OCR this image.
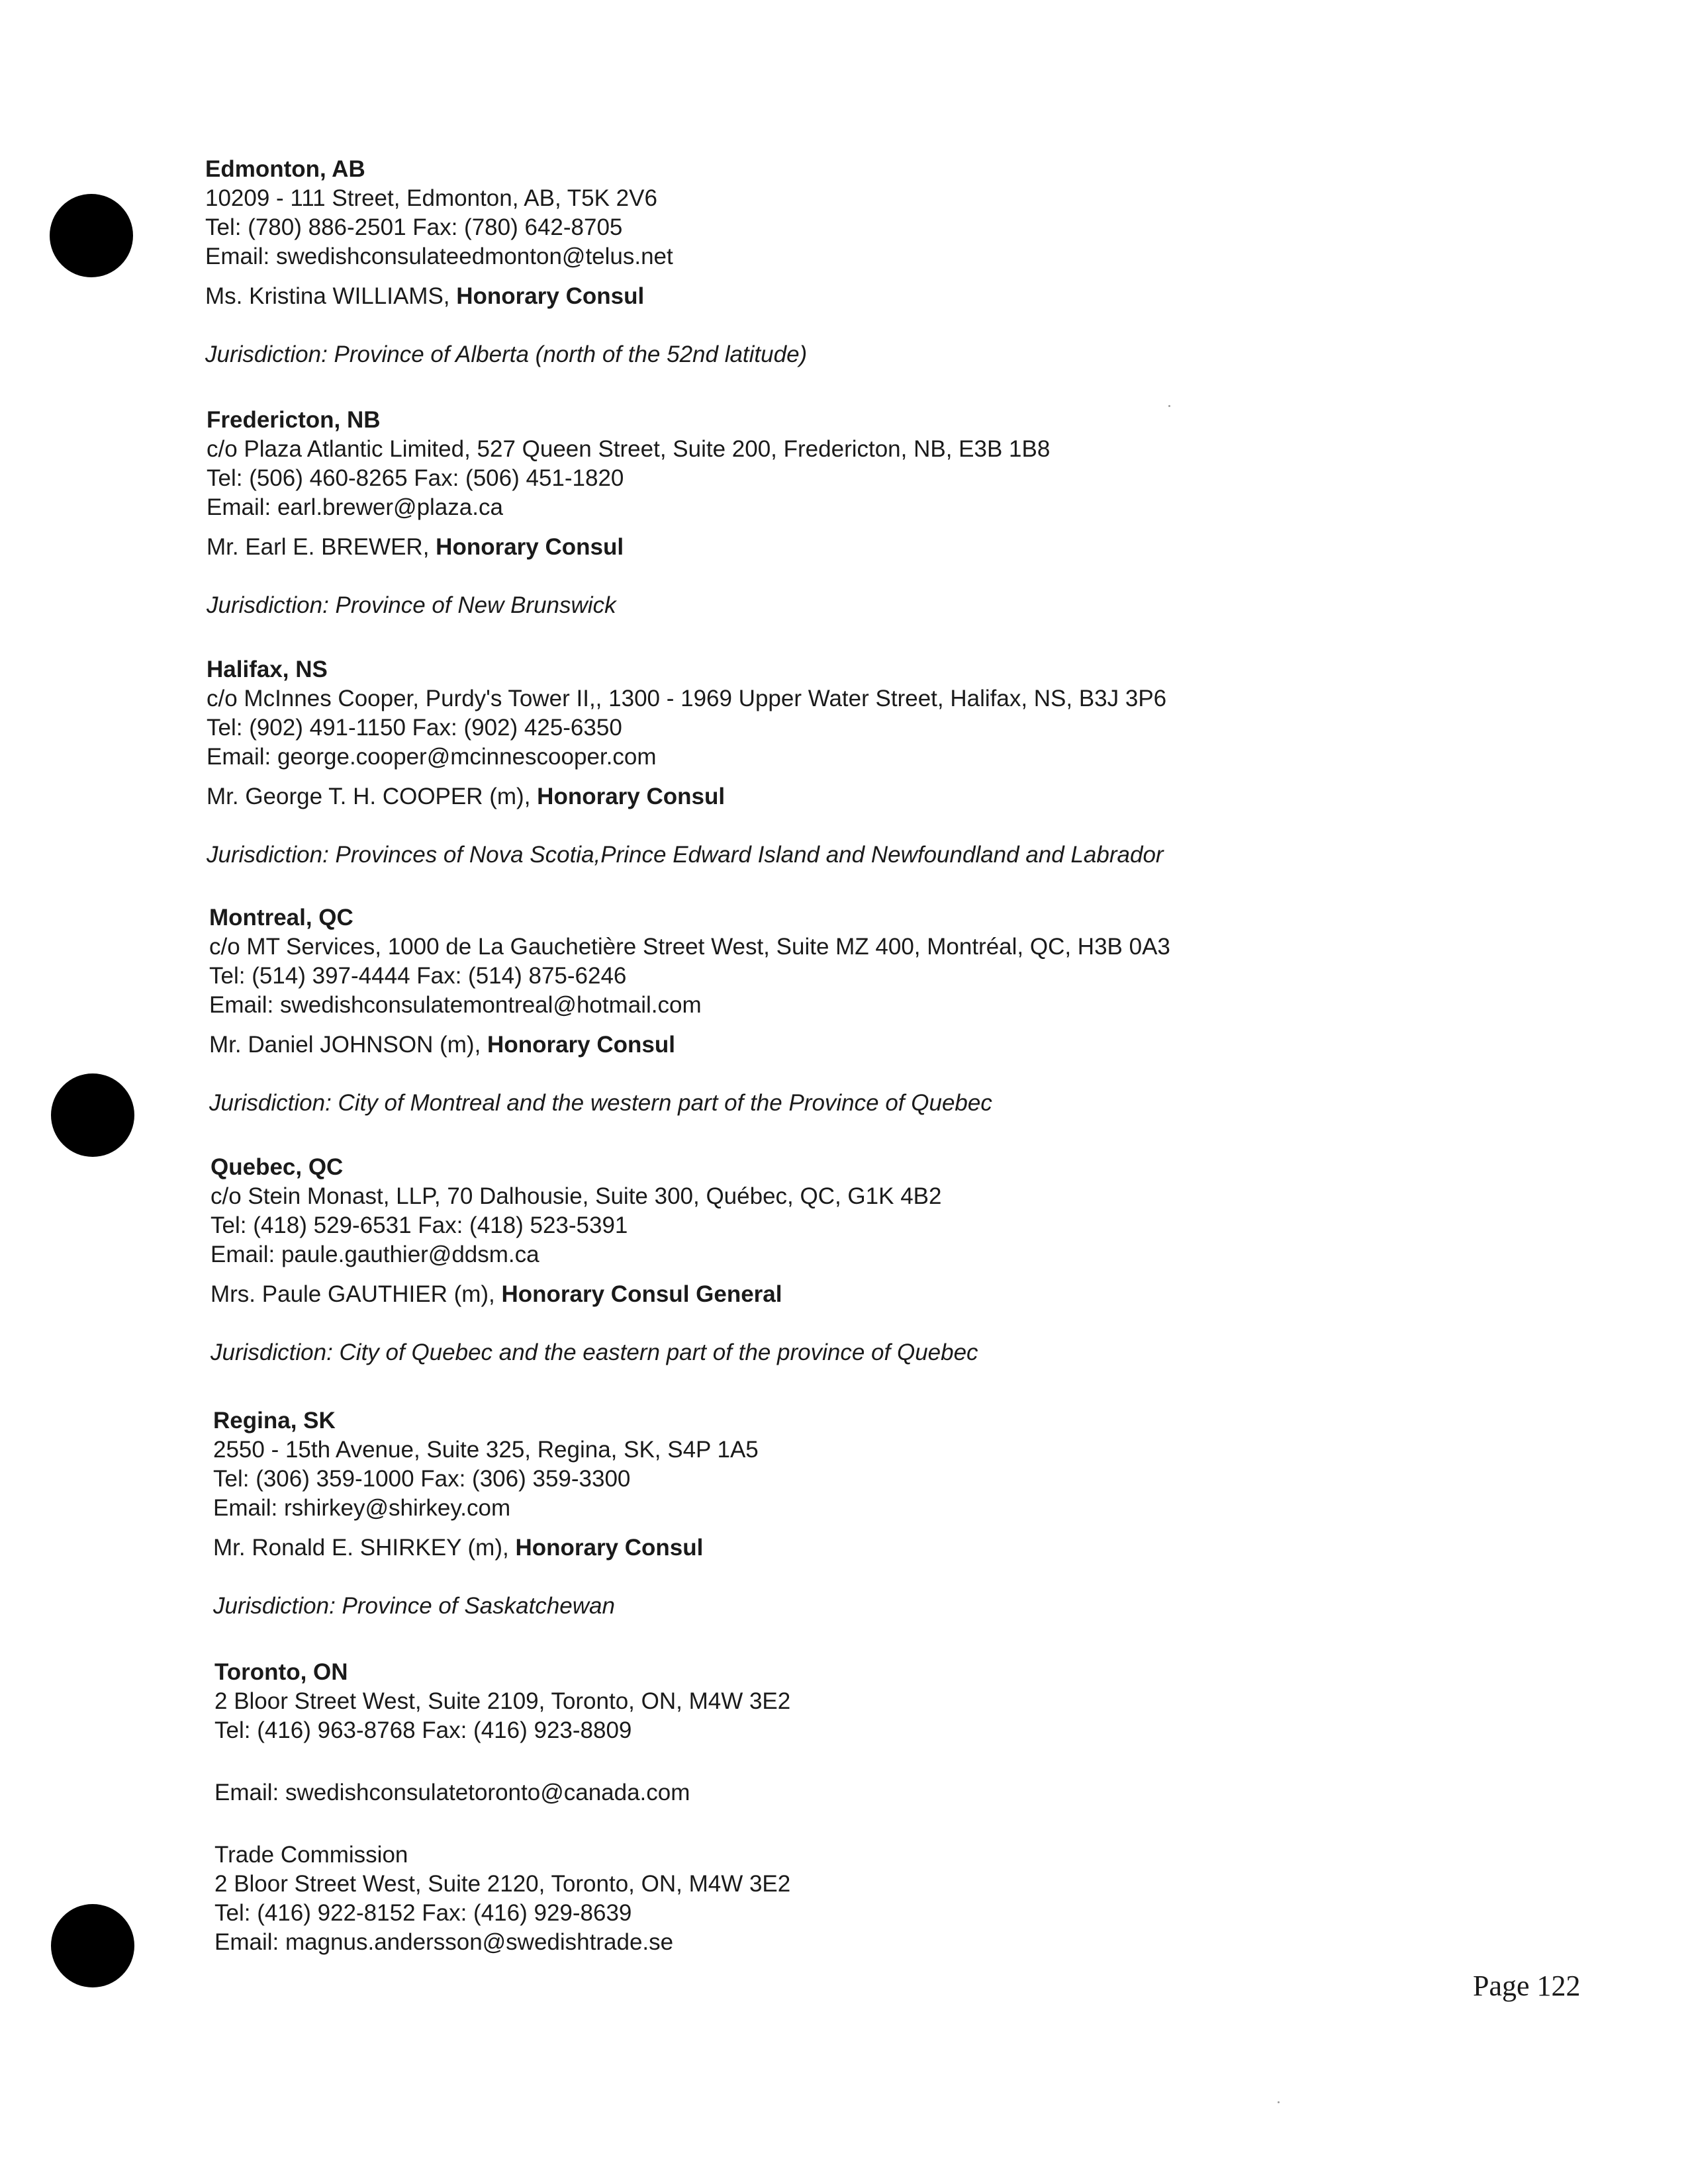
Edmonton, AB
10209 - 111 Street, Edmonton, AB, T5K 2V6
Tel: (780) 886-2501 Fax: (780) 642-8705
Email: swedishconsulateedmonton@telus.net
Ms. Kristina WILLIAMS, Honorary Consul
Jurisdiction: Province of Alberta (north of the 52nd latitude)
Fredericton, NB
c/o Plaza Atlantic Limited, 527 Queen Street, Suite 200, Fredericton, NB, E3B 1B8
Tel: (506) 460-8265 Fax: (506) 451-1820
Email: earl.brewer@plaza.ca
Mr. Earl E. BREWER, Honorary Consul
Jurisdiction: Province of New Brunswick
Halifax, NS
c/o McInnes Cooper, Purdy's Tower II,, 1300 - 1969 Upper Water Street, Halifax, NS, B3J 3P6
Tel: (902) 491-1150 Fax: (902) 425-6350
Email: george.cooper@mcinnescooper.com
Mr. George T. H. COOPER (m), Honorary Consul
Jurisdiction: Provinces of Nova Scotia,Prince Edward Island and Newfoundland and Labrador
Montreal, QC
c/o MT Services, 1000 de La Gauchetière Street West, Suite MZ 400, Montréal, QC, H3B 0A3
Tel: (514) 397-4444 Fax: (514) 875-6246
Email: swedishconsulatemontreal@hotmail.com
Mr. Daniel JOHNSON (m), Honorary Consul
Jurisdiction: City of Montreal and the western part of the Province of Quebec
Quebec, QC
c/o Stein Monast, LLP, 70 Dalhousie, Suite 300, Québec, QC, G1K 4B2
Tel: (418) 529-6531 Fax: (418) 523-5391
Email: paule.gauthier@ddsm.ca
Mrs. Paule GAUTHIER (m), Honorary Consul General
Jurisdiction: City of Quebec and the eastern part of the province of Quebec
Regina, SK
2550 - 15th Avenue, Suite 325, Regina, SK, S4P 1A5
Tel: (306) 359-1000 Fax: (306) 359-3300
Email: rshirkey@shirkey.com
Mr. Ronald E. SHIRKEY (m), Honorary Consul
Jurisdiction: Province of Saskatchewan
Toronto, ON
2 Bloor Street West, Suite 2109, Toronto, ON, M4W 3E2
Tel: (416) 963-8768 Fax: (416) 923-8809
Email: swedishconsulatetoronto@canada.com
Trade Commission
2 Bloor Street West, Suite 2120, Toronto, ON, M4W 3E2
Tel: (416) 922-8152 Fax: (416) 929-8639
Email: magnus.andersson@swedishtrade.se
Page 122
